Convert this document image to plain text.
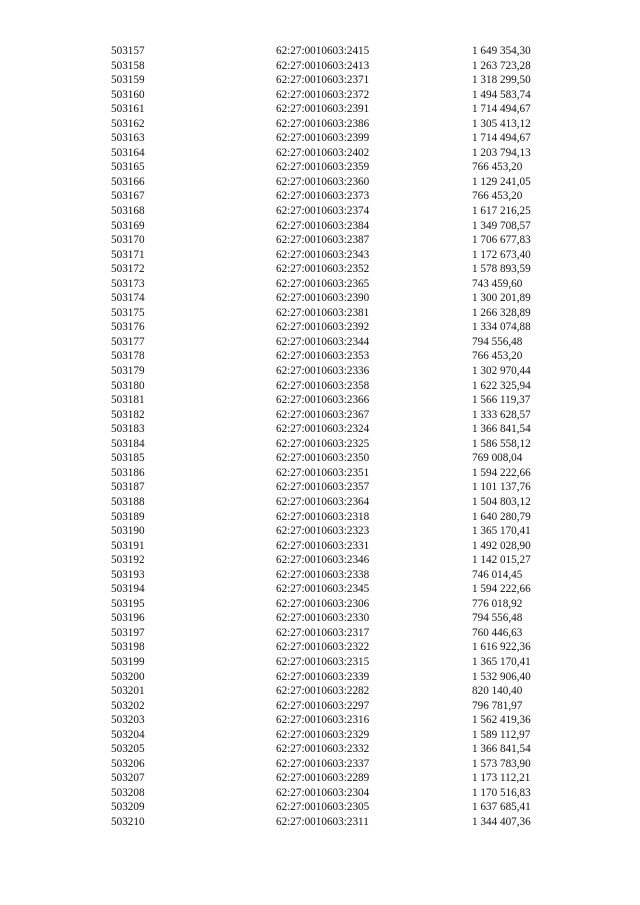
503157	62:27:0010603:2415	1 649 354,30
503158	62:27:0010603:2413	1 263 723,28
503159	62:27:0010603:2371	1 318 299,50
503160	62:27:0010603:2372	1 494 583,74
503161	62:27:0010603:2391	1 714 494,67
503162	62:27:0010603:2386	1 305 413,12
503163	62:27:0010603:2399	1 714 494,67
503164	62:27:0010603:2402	1 203 794,13
503165	62:27:0010603:2359	766 453,20
503166	62:27:0010603:2360	1 129 241,05
503167	62:27:0010603:2373	766 453,20
503168	62:27:0010603:2374	1 617 216,25
503169	62:27:0010603:2384	1 349 708,57
503170	62:27:0010603:2387	1 706 677,83
503171	62:27:0010603:2343	1 172 673,40
503172	62:27:0010603:2352	1 578 893,59
503173	62:27:0010603:2365	743 459,60
503174	62:27:0010603:2390	1 300 201,89
503175	62:27:0010603:2381	1 266 328,89
503176	62:27:0010603:2392	1 334 074,88
503177	62:27:0010603:2344	794 556,48
503178	62:27:0010603:2353	766 453,20
503179	62:27:0010603:2336	1 302 970,44
503180	62:27:0010603:2358	1 622 325,94
503181	62:27:0010603:2366	1 566 119,37
503182	62:27:0010603:2367	1 333 628,57
503183	62:27:0010603:2324	1 366 841,54
503184	62:27:0010603:2325	1 586 558,12
503185	62:27:0010603:2350	769 008,04
503186	62:27:0010603:2351	1 594 222,66
503187	62:27:0010603:2357	1 101 137,76
503188	62:27:0010603:2364	1 504 803,12
503189	62:27:0010603:2318	1 640 280,79
503190	62:27:0010603:2323	1 365 170,41
503191	62:27:0010603:2331	1 492 028,90
503192	62:27:0010603:2346	1 142 015,27
503193	62:27:0010603:2338	746 014,45
503194	62:27:0010603:2345	1 594 222,66
503195	62:27:0010603:2306	776 018,92
503196	62:27:0010603:2330	794 556,48
503197	62:27:0010603:2317	760 446,63
503198	62:27:0010603:2322	1 616 922,36
503199	62:27:0010603:2315	1 365 170,41
503200	62:27:0010603:2339	1 532 906,40
503201	62:27:0010603:2282	820 140,40
503202	62:27:0010603:2297	796 781,97
503203	62:27:0010603:2316	1 562 419,36
503204	62:27:0010603:2329	1 589 112,97
503205	62:27:0010603:2332	1 366 841,54
503206	62:27:0010603:2337	1 573 783,90
503207	62:27:0010603:2289	1 173 112,21
503208	62:27:0010603:2304	1 170 516,83
503209	62:27:0010603:2305	1 637 685,41
503210	62:27:0010603:2311	1 344 407,36
